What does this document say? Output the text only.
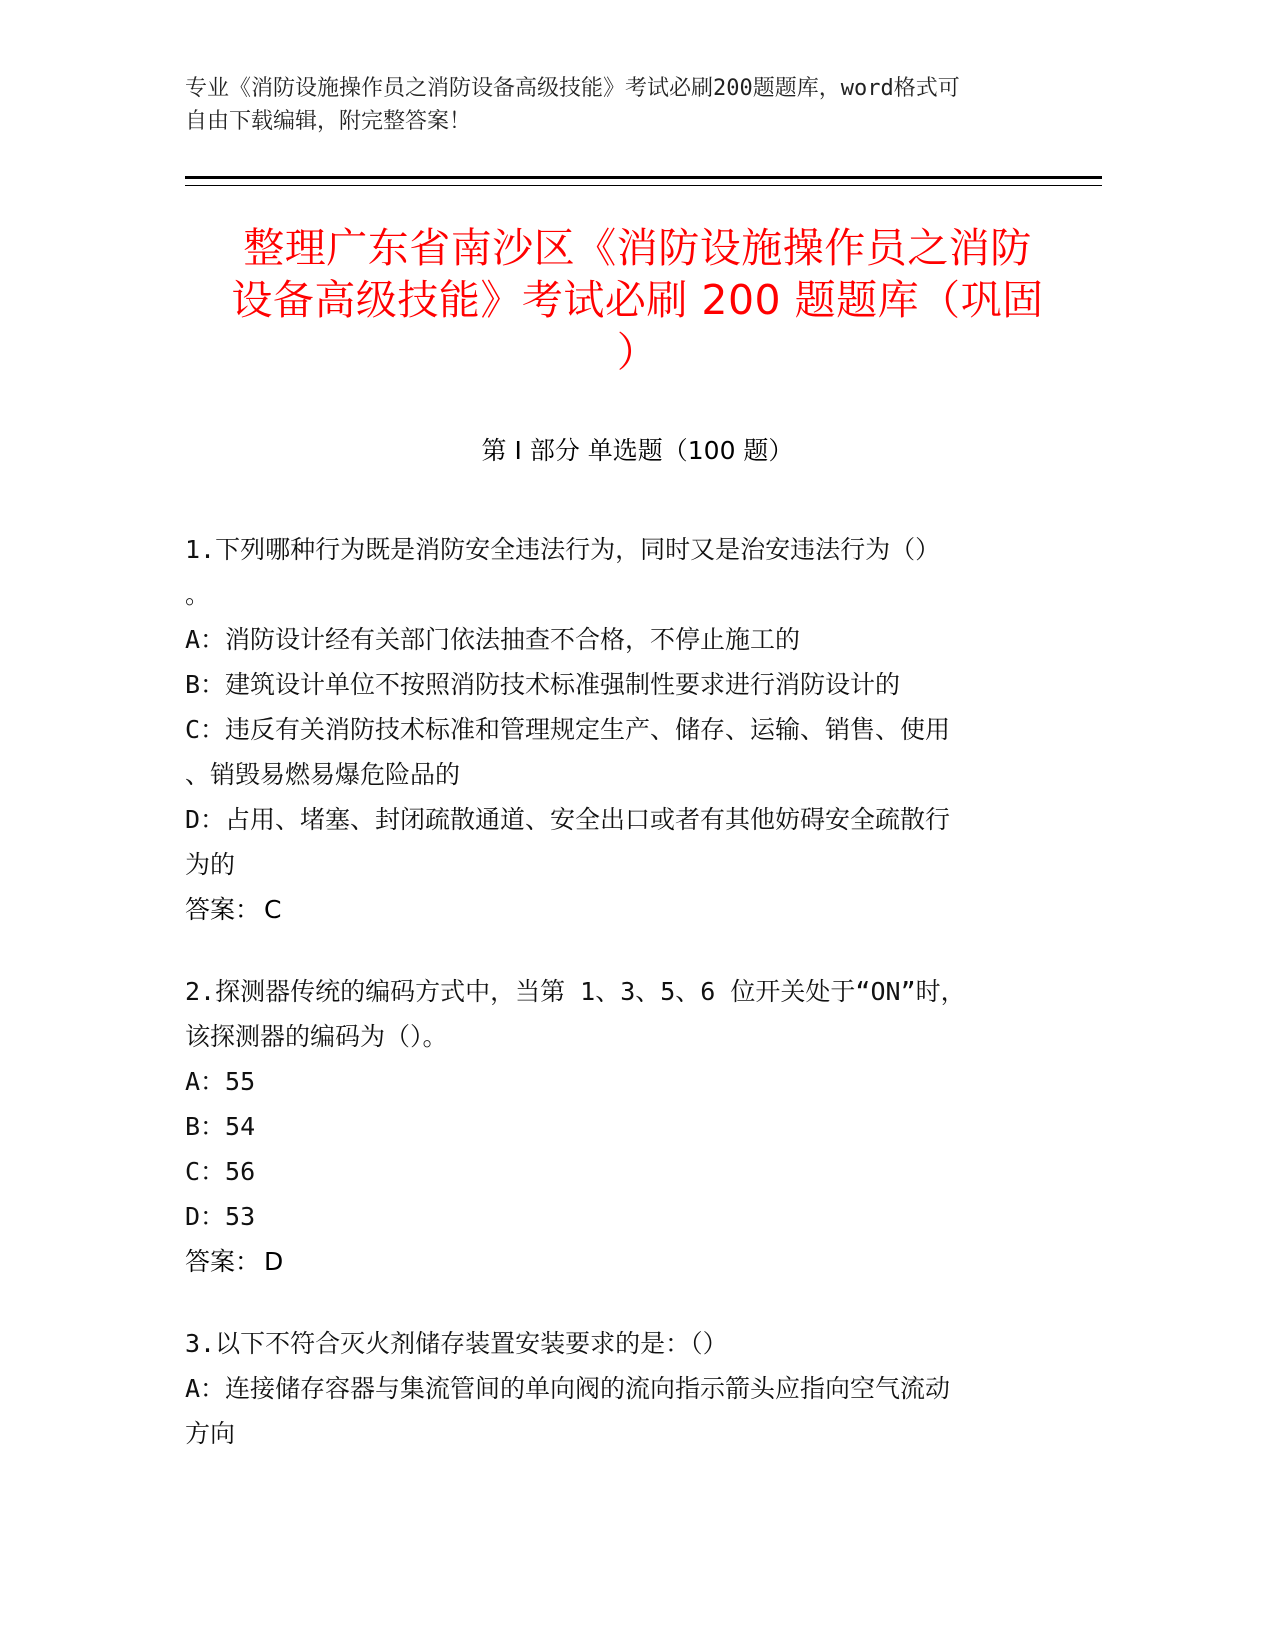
专业《消防设施操作员之消防设备高级技能》考试必刷200题题库，word格式可
自由下载编辑，附完整答案！
整理广东省南沙区《消防设施操作员之消防
设备高级技能》考试必刷 200 题题库（巩固
）
第 I 部分 单选题（100 题）
1.下列哪种行为既是消防安全违法行为，同时又是治安违法行为（）
。
A：消防设计经有关部门依法抽查不合格，不停止施工的
B：建筑设计单位不按照消防技术标准强制性要求进行消防设计的
C：违反有关消防技术标准和管理规定生产、储存、运输、销售、使用
、销毁易燃易爆危险品的
D：占用、堵塞、封闭疏散通道、安全出口或者有其他妨碍安全疏散行
为的
答案： C
2.探测器传统的编码方式中，当第 1、3、5、6 位开关处于“ON”时，
该探测器的编码为（）。
A：55
B：54
C：56
D：53
答案： D
3.以下不符合灭火剂储存装置安装要求的是：（）
A：连接储存容器与集流管间的单向阀的流向指示箭头应指向空气流动
方向
